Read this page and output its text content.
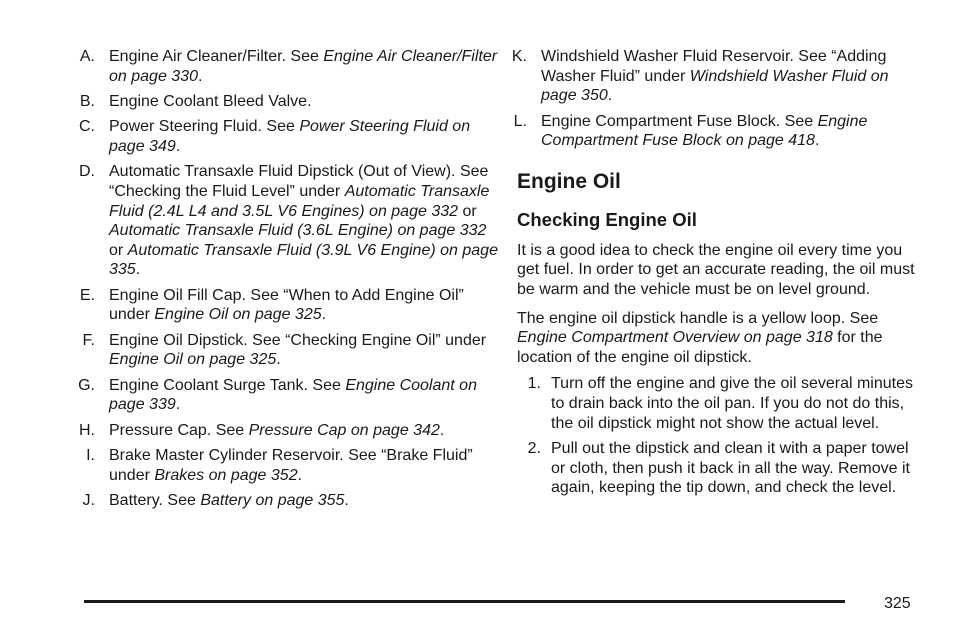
A. Engine Air Cleaner/Filter. See Engine Air Cleaner/Filter on page 330.
B. Engine Coolant Bleed Valve.
C. Power Steering Fluid. See Power Steering Fluid on page 349.
D. Automatic Transaxle Fluid Dipstick (Out of View). See “Checking the Fluid Level” under Automatic Transaxle Fluid (2.4L L4 and 3.5L V6 Engines) on page 332 or Automatic Transaxle Fluid (3.6L Engine) on page 332 or Automatic Transaxle Fluid (3.9L V6 Engine) on page 335.
E. Engine Oil Fill Cap. See “When to Add Engine Oil” under Engine Oil on page 325.
F. Engine Oil Dipstick. See “Checking Engine Oil” under Engine Oil on page 325.
G. Engine Coolant Surge Tank. See Engine Coolant on page 339.
H. Pressure Cap. See Pressure Cap on page 342.
I. Brake Master Cylinder Reservoir. See “Brake Fluid” under Brakes on page 352.
J. Battery. See Battery on page 355.
K. Windshield Washer Fluid Reservoir. See “Adding Washer Fluid” under Windshield Washer Fluid on page 350.
L. Engine Compartment Fuse Block. See Engine Compartment Fuse Block on page 418.
Engine Oil
Checking Engine Oil

It is a good idea to check the engine oil every time you get fuel. In order to get an accurate reading, the oil must be warm and the vehicle must be on level ground.

The engine oil dipstick handle is a yellow loop. See Engine Compartment Overview on page 318 for the location of the engine oil dipstick.

1. Turn off the engine and give the oil several minutes to drain back into the oil pan. If you do not do this, the oil dipstick might not show the actual level.
2. Pull out the dipstick and clean it with a paper towel or cloth, then push it back in all the way. Remove it again, keeping the tip down, and check the level.
325
